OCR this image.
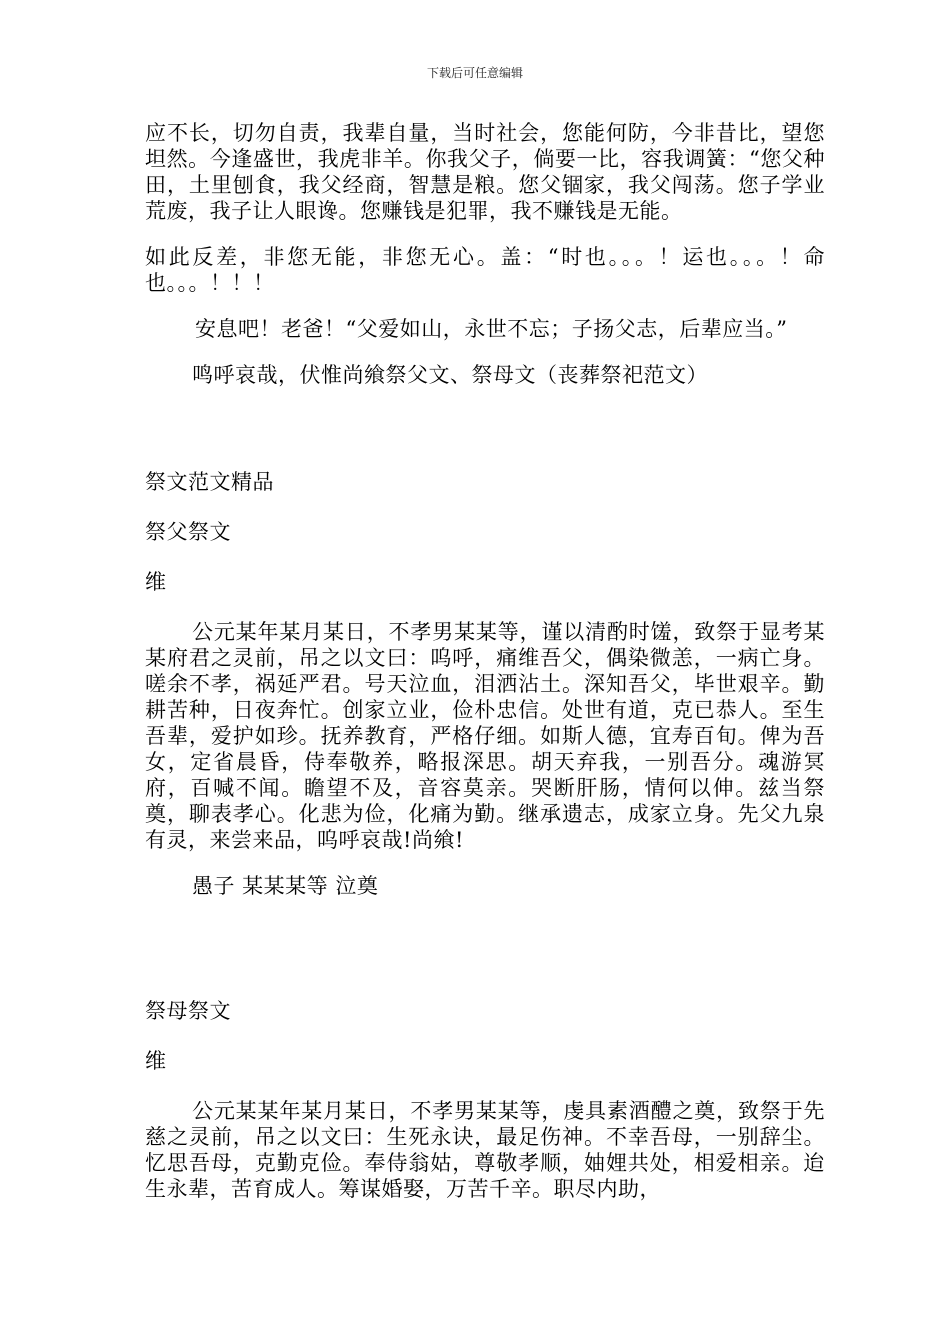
下载后可任意编辑

应不长，切勿自责，我辈自量，当时社会，您能何防，今非昔比，望您坦然。今逢盛世，我虎非羊。你我父子，倘要一比，容我调簧：“您父种田，土里刨食，我父经商，智慧是粮。您父锢家，我父闯荡。您子学业荒废，我子让人眼谗。您赚钱是犯罪，我不赚钱是无能。

如此反差，非您无能，非您无心。盖：“时也。。。！运也。。。！命也。。。！！！

安息吧！老爸！“父爱如山，永世不忘；子扬父志，后辈应当。”

鸣呼哀哉，伏惟尚飨祭父文、祭母文（丧葬祭祀范文）

祭文范文精品

祭父祭文

维

公元某年某月某日，不孝男某某等，谨以清酌时馐，致祭于显考某某府君之灵前，吊之以文曰：呜呼，痛维吾父，偶染微恙，一病亡身。嗟余不孝，祸延严君。号天泣血，泪洒沾土。深知吾父，毕世艰辛。勤耕苦种，日夜奔忙。创家立业，俭朴忠信。处世有道，克已恭人。至生吾辈，爱护如珍。抚养教育，严格仔细。如斯人德，宜寿百旬。俾为吾女，定省晨昏，侍奉敬养，略报深思。胡天弃我，一别吾分。魂游冥府，百喊不闻。瞻望不及，音容莫亲。哭断肝肠，情何以伸。兹当祭奠，聊表孝心。化悲为俭，化痛为勤。继承遗志，成家立身。先父九泉有灵，来尝来品，呜呼哀哉!尚飨!

愚子 某某某等 泣奠

祭母祭文

维

公元某某年某月某日，不孝男某某等，虔具素酒醴之奠，致祭于先慈之灵前，吊之以文曰：生死永诀，最足伤神。不幸吾母，一别辞尘。忆思吾母，克勤克俭。奉侍翁姑，尊敬孝顺，妯娌共处，相爱相亲。迨生永辈，苦育成人。筹谋婚娶，万苦千辛。职尽内助，
